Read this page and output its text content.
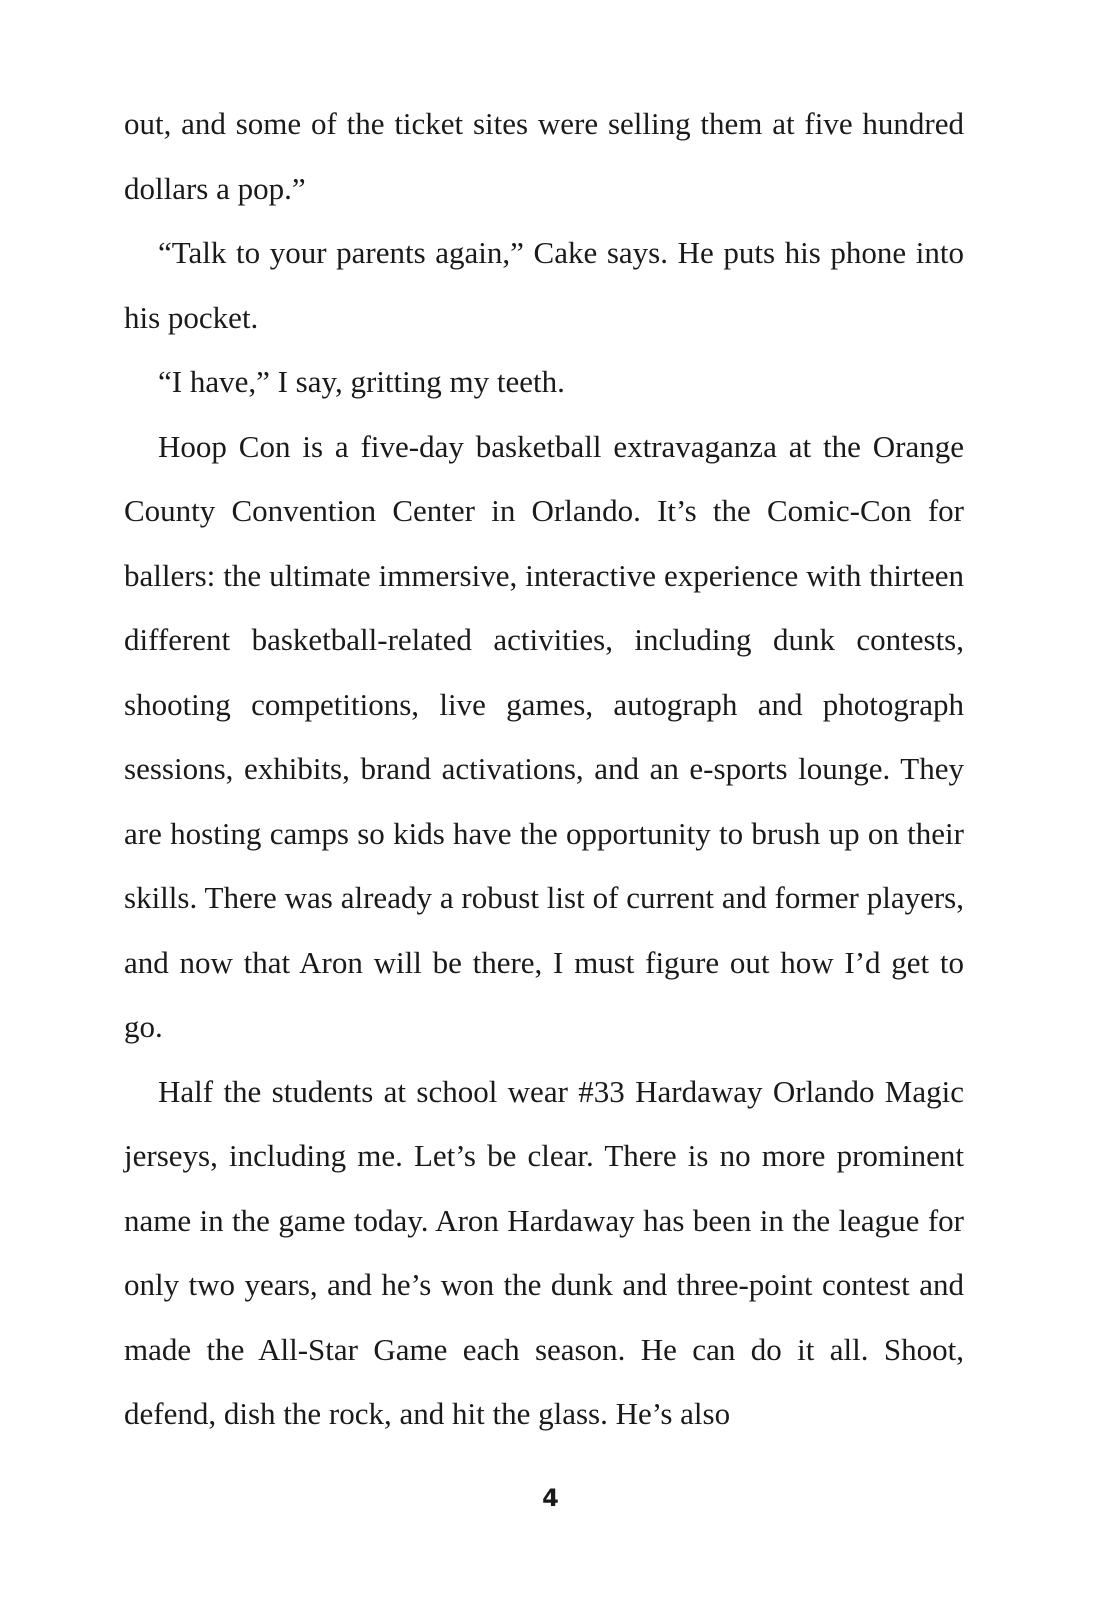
out, and some of the ticket sites were selling them at five hundred dollars a pop.”

“Talk to your parents again,” Cake says. He puts his phone into his pocket.

“I have,” I say, gritting my teeth.

Hoop Con is a five-day basketball extravaganza at the Orange County Convention Center in Orlando. It’s the Comic-Con for ballers: the ultimate immersive, interactive experience with thirteen different basketball-related activities, including dunk contests, shooting competitions, live games, autograph and photograph sessions, exhibits, brand activations, and an e-sports lounge. They are hosting camps so kids have the opportunity to brush up on their skills. There was already a robust list of current and former players, and now that Aron will be there, I must figure out how I’d get to go.

Half the students at school wear #33 Hardaway Orlando Magic jerseys, including me. Let’s be clear. There is no more prominent name in the game today. Aron Hardaway has been in the league for only two years, and he’s won the dunk and three-point contest and made the All-Star Game each season. He can do it all. Shoot, defend, dish the rock, and hit the glass. He’s also

4
